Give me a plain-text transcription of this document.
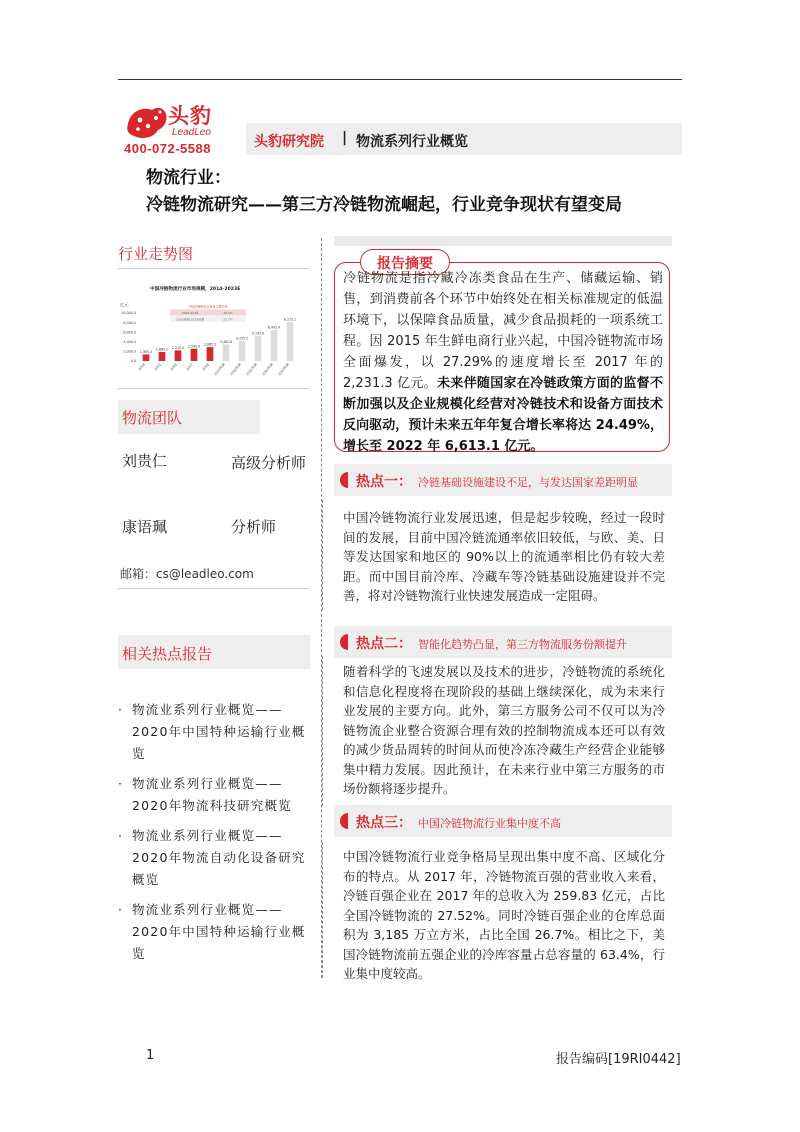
头豹
LeadLeo
400-072-5588	头豹研究院 | 物流系列行业概览
物流行业：
冷链物流研究——第三方冷链物流崛起，行业竞争现状有望变局
行业走势图
中国冷链物流行业市场规模，2014-2023E
亿元	中国冷链物流行业复合增长率
2014-2018	16.5%
2019预测-2023预测	23.7%
10,000.0
8,000.0
6,000.0
4,000.0
2,000.0
0.0
1,365.3
2014
1,884.2
2015
2,210.0
2016
2,549.9
2017
2,885.5
2018
3,462.6
2019预测
4,155.1
2020预测
5,193.9
2021预测
6,492.4
2022预测
8,115.1
2023预测
物流团队
刘贵仁	高级分析师
康语珮	分析师
邮箱：cs@leadleo.com
相关热点报告
· 物流业系列行业概览——2020年中国特种运输行业概览
· 物流业系列行业概览——2020年物流科技研究概览
· 物流业系列行业概览——2020年物流自动化设备研究概览
· 物流业系列行业概览——2020年中国特种运输行业概览
报告摘要
冷链物流是指冷藏冷冻类食品在生产、储藏运输、销售，到消费前各个环节中始终处在相关标准规定的低温环境下，以保障食品质量，减少食品损耗的一项系统工程。因 2015 年生鲜电商行业兴起，中国冷链物流市场全面爆发，以 27.29%的速度增长至 2017 年的 2,231.3 亿元。未来伴随国家在冷链政策方面的监督不断加强以及企业规模化经营对冷链技术和设备方面技术反向驱动，预计未来五年年复合增长率将达 24.49%，增长至 2022 年 6,613.1 亿元。
热点一： 冷链基础设施建设不足，与发达国家差距明显
中国冷链物流行业发展迅速，但是起步较晚，经过一段时间的发展，目前中国冷链流通率依旧较低，与欧、美、日等发达国家和地区的 90%以上的流通率相比仍有较大差距。而中国目前冷库、冷藏车等冷链基础设施建设并不完善，将对冷链物流行业快速发展造成一定阻碍。
热点二： 智能化趋势凸显，第三方物流服务份额提升
随着科学的飞速发展以及技术的进步，冷链物流的系统化和信息化程度将在现阶段的基础上继续深化，成为未来行业发展的主要方向。此外，第三方服务公司不仅可以为冷链物流企业整合资源合理有效的控制物流成本还可以有效的减少货品周转的时间从而使冷冻冷藏生产经营企业能够集中精力发展。因此预计，在未来行业中第三方服务的市场份额将逐步提升。
热点三： 中国冷链物流行业集中度不高
中国冷链物流行业竞争格局呈现出集中度不高、区域化分布的特点。从 2017 年，冷链物流百强的营业收入来看，冷链百强企业在 2017 年的总收入为 259.83 亿元，占比全国冷链物流的 27.52%。同时冷链百强企业的仓库总面积为 3,185 万立方米，占比全国 26.7%。相比之下，美国冷链物流前五强企业的冷库容量占总容量的 63.4%，行业集中度较高。
1	报告编码[19RI0442]
